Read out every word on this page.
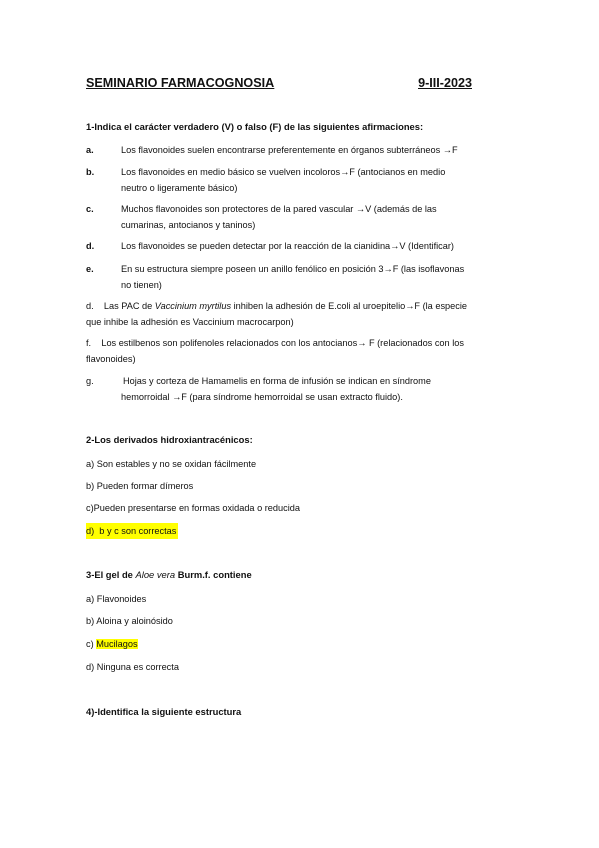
SEMINARIO FARMACOGNOSIA	9-III-2023
1-Indica el carácter verdadero (V) o falso (F) de las siguientes afirmaciones:
a.	Los flavonoides suelen encontrarse preferentemente en órganos subterráneos →F
b.	Los flavonoides en medio básico se vuelven incoloros→F (antocianos en medio
neutro o ligeramente básico)
c.	Muchos flavonoides son protectores de la pared vascular →V (además de las
cumarinas, antocianos y taninos)
d.	Los flavonoides se pueden detectar por la reacción de la cianidina→V (Identificar)
e.	En su estructura siempre poseen un anillo fenólico en posición 3→F (las isoflavonas
no tienen)
d. Las PAC de Vaccinium myrtilus inhiben la adhesión de E.coli al uroepitelio→F (la especie
que inhibe la adhesión es Vaccinium macrocarpon)
f. Los estilbenos son polifenoles relacionados con los antocianos→ F (relacionados con los
flavonoides)
g.	Hojas y corteza de Hamamelis en forma de infusión se indican en síndrome
hemorroidal →F (para síndrome hemorroidal se usan extracto fluido).
2-Los derivados hidroxiantracénicos:
a) Son estables y no se oxidan fácilmente
b) Pueden formar dímeros
c)Pueden presentarse en formas oxidada o reducida
d) b y c son correctas
3-El gel de Aloe vera Burm.f. contiene
a) Flavonoides
b) Aloina y aloinósido
c) Mucilagos
d) Ninguna es correcta
4)-Identifica la siguiente estructura
